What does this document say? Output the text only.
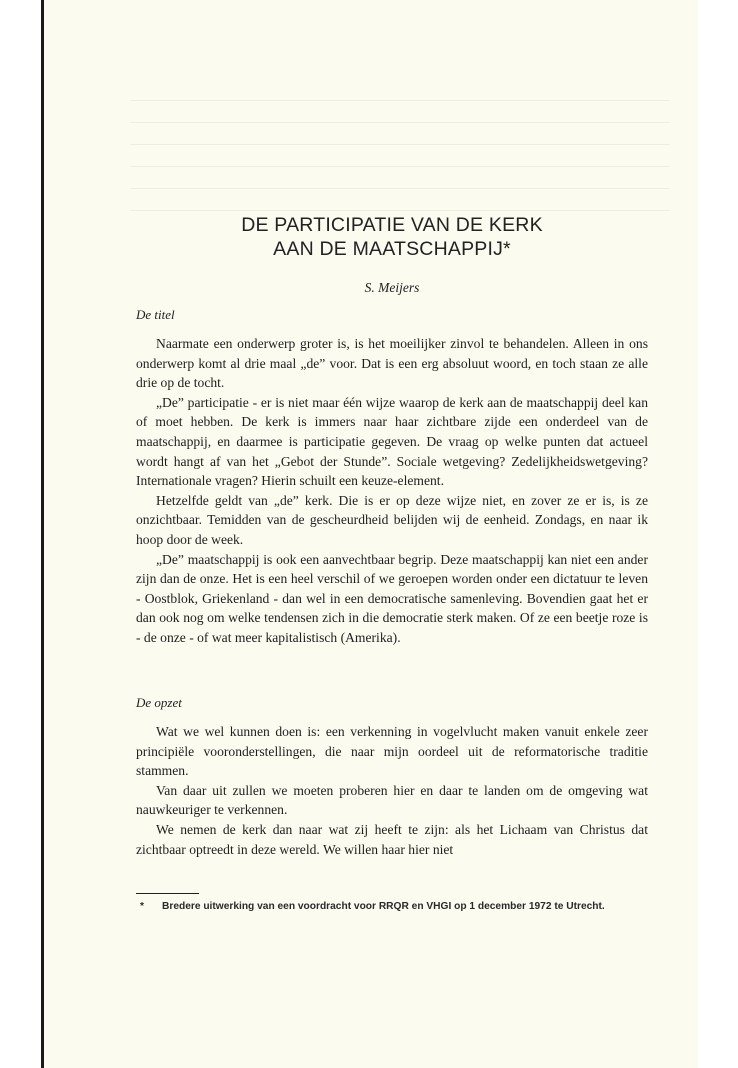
DE PARTICIPATIE VAN DE KERK
AAN DE MAATSCHAPPIJ*
S. Meijers
De titel

Naarmate een onderwerp groter is, is het moeilijker zinvol te behandelen. Alleen in ons onderwerp komt al drie maal „de” voor. Dat is een erg absoluut woord, en toch staan ze alle drie op de tocht.

„De” participatie - er is niet maar één wijze waarop de kerk aan de maatschappij deel kan of moet hebben. De kerk is immers naar haar zichtbare zijde een onderdeel van de maatschappij, en daarmee is participatie gegeven. De vraag op welke punten dat actueel wordt hangt af van het „Gebot der Stunde”. Sociale wetgeving? Zedelijkheidswetgeving? Internationale vragen? Hierin schuilt een keuze-element.

Hetzelfde geldt van „de” kerk. Die is er op deze wijze niet, en zover ze er is, is ze onzichtbaar. Temidden van de gescheurdheid belijden wij de eenheid. Zondags, en naar ik hoop door de week.

„De” maatschappij is ook een aanvechtbaar begrip. Deze maatschappij kan niet een ander zijn dan de onze. Het is een heel verschil of we geroepen worden onder een dictatuur te leven - Oostblok, Griekenland - dan wel in een democratische samenleving. Bovendien gaat het er dan ook nog om welke tendensen zich in die democratie sterk maken. Of ze een beetje roze is - de onze - of wat meer kapitalistisch (Amerika).

De opzet

Wat we wel kunnen doen is: een verkenning in vogelvlucht maken vanuit enkele zeer principiële vooronderstellingen, die naar mijn oordeel uit de reformatorische traditie stammen.

Van daar uit zullen we moeten proberen hier en daar te landen om de omgeving wat nauwkeuriger te verkennen.

We nemen de kerk dan naar wat zij heeft te zijn: als het Lichaam van Christus dat zichtbaar optreedt in deze wereld. We willen haar hier niet

* Bredere uitwerking van een voordracht voor RRQR en VHGI op 1 december 1972 te Utrecht.
